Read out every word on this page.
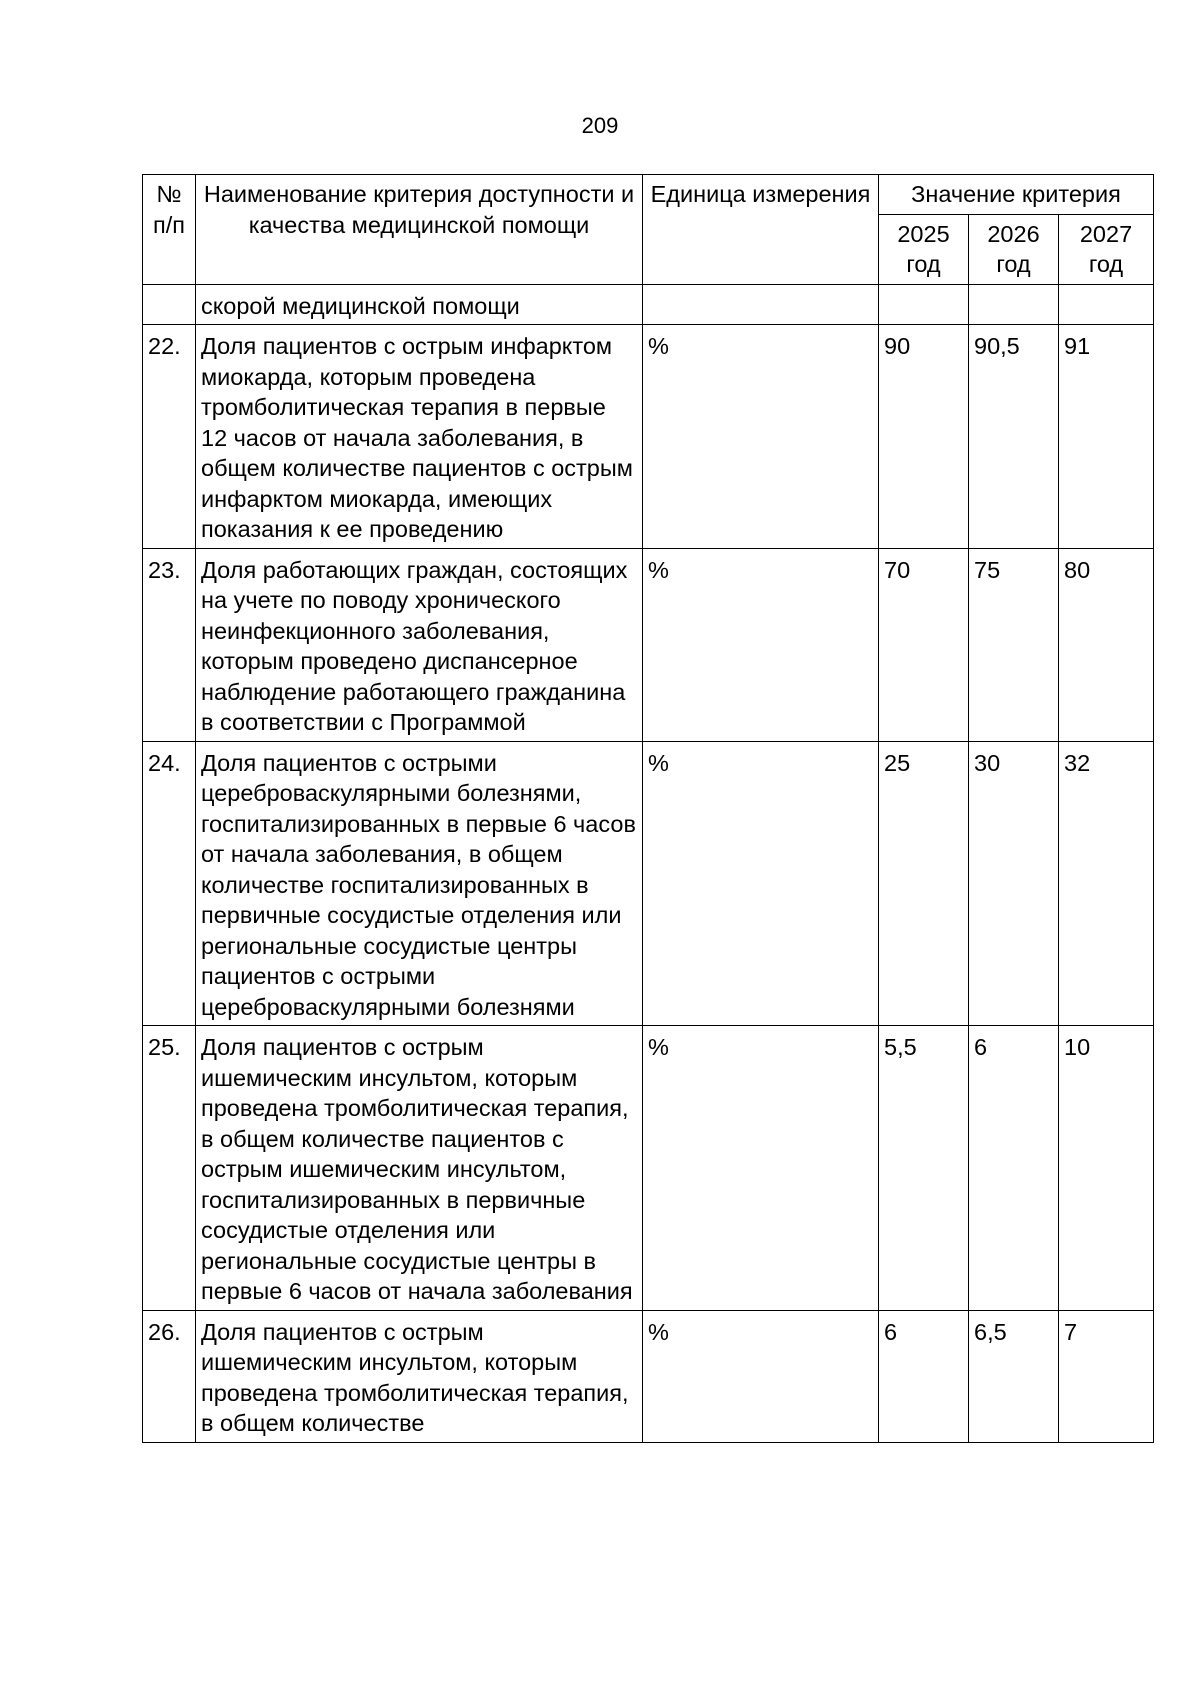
209
№ п/п	Наименование критерия доступности и качества медицинской помощи	Единица измерения	Значение критерия		
			2025 год	2026 год	2027 год
	скорой медицинской помощи				
22.	Доля пациентов с острым инфарктом миокарда, которым проведена тромболитическая терапия в первые 12 часов от начала заболевания, в общем количестве пациентов с острым инфарктом миокарда, имеющих показания к ее проведению	%	90	90,5	91
23.	Доля работающих граждан, состоящих на учете по поводу хронического неинфекционного заболевания, которым проведено диспансерное наблюдение работающего гражданина в соответствии с Программой	%	70	75	80
24.	Доля пациентов с острыми цереброваскулярными болезнями, госпитализированных в первые 6 часов от начала заболевания, в общем количестве госпитализированных в первичные сосудистые отделения или региональные сосудистые центры пациентов с острыми цереброваскулярными болезнями	%	25	30	32
25.	Доля пациентов с острым ишемическим инсультом, которым проведена тромболитическая терапия, в общем количестве пациентов с острым ишемическим инсультом, госпитализированных в первичные сосудистые отделения или региональные сосудистые центры в первые 6 часов от начала заболевания	%	5,5	6	10
26.	Доля пациентов с острым ишемическим инсультом, которым проведена тромболитическая терапия, в общем количестве	%	6	6,5	7
